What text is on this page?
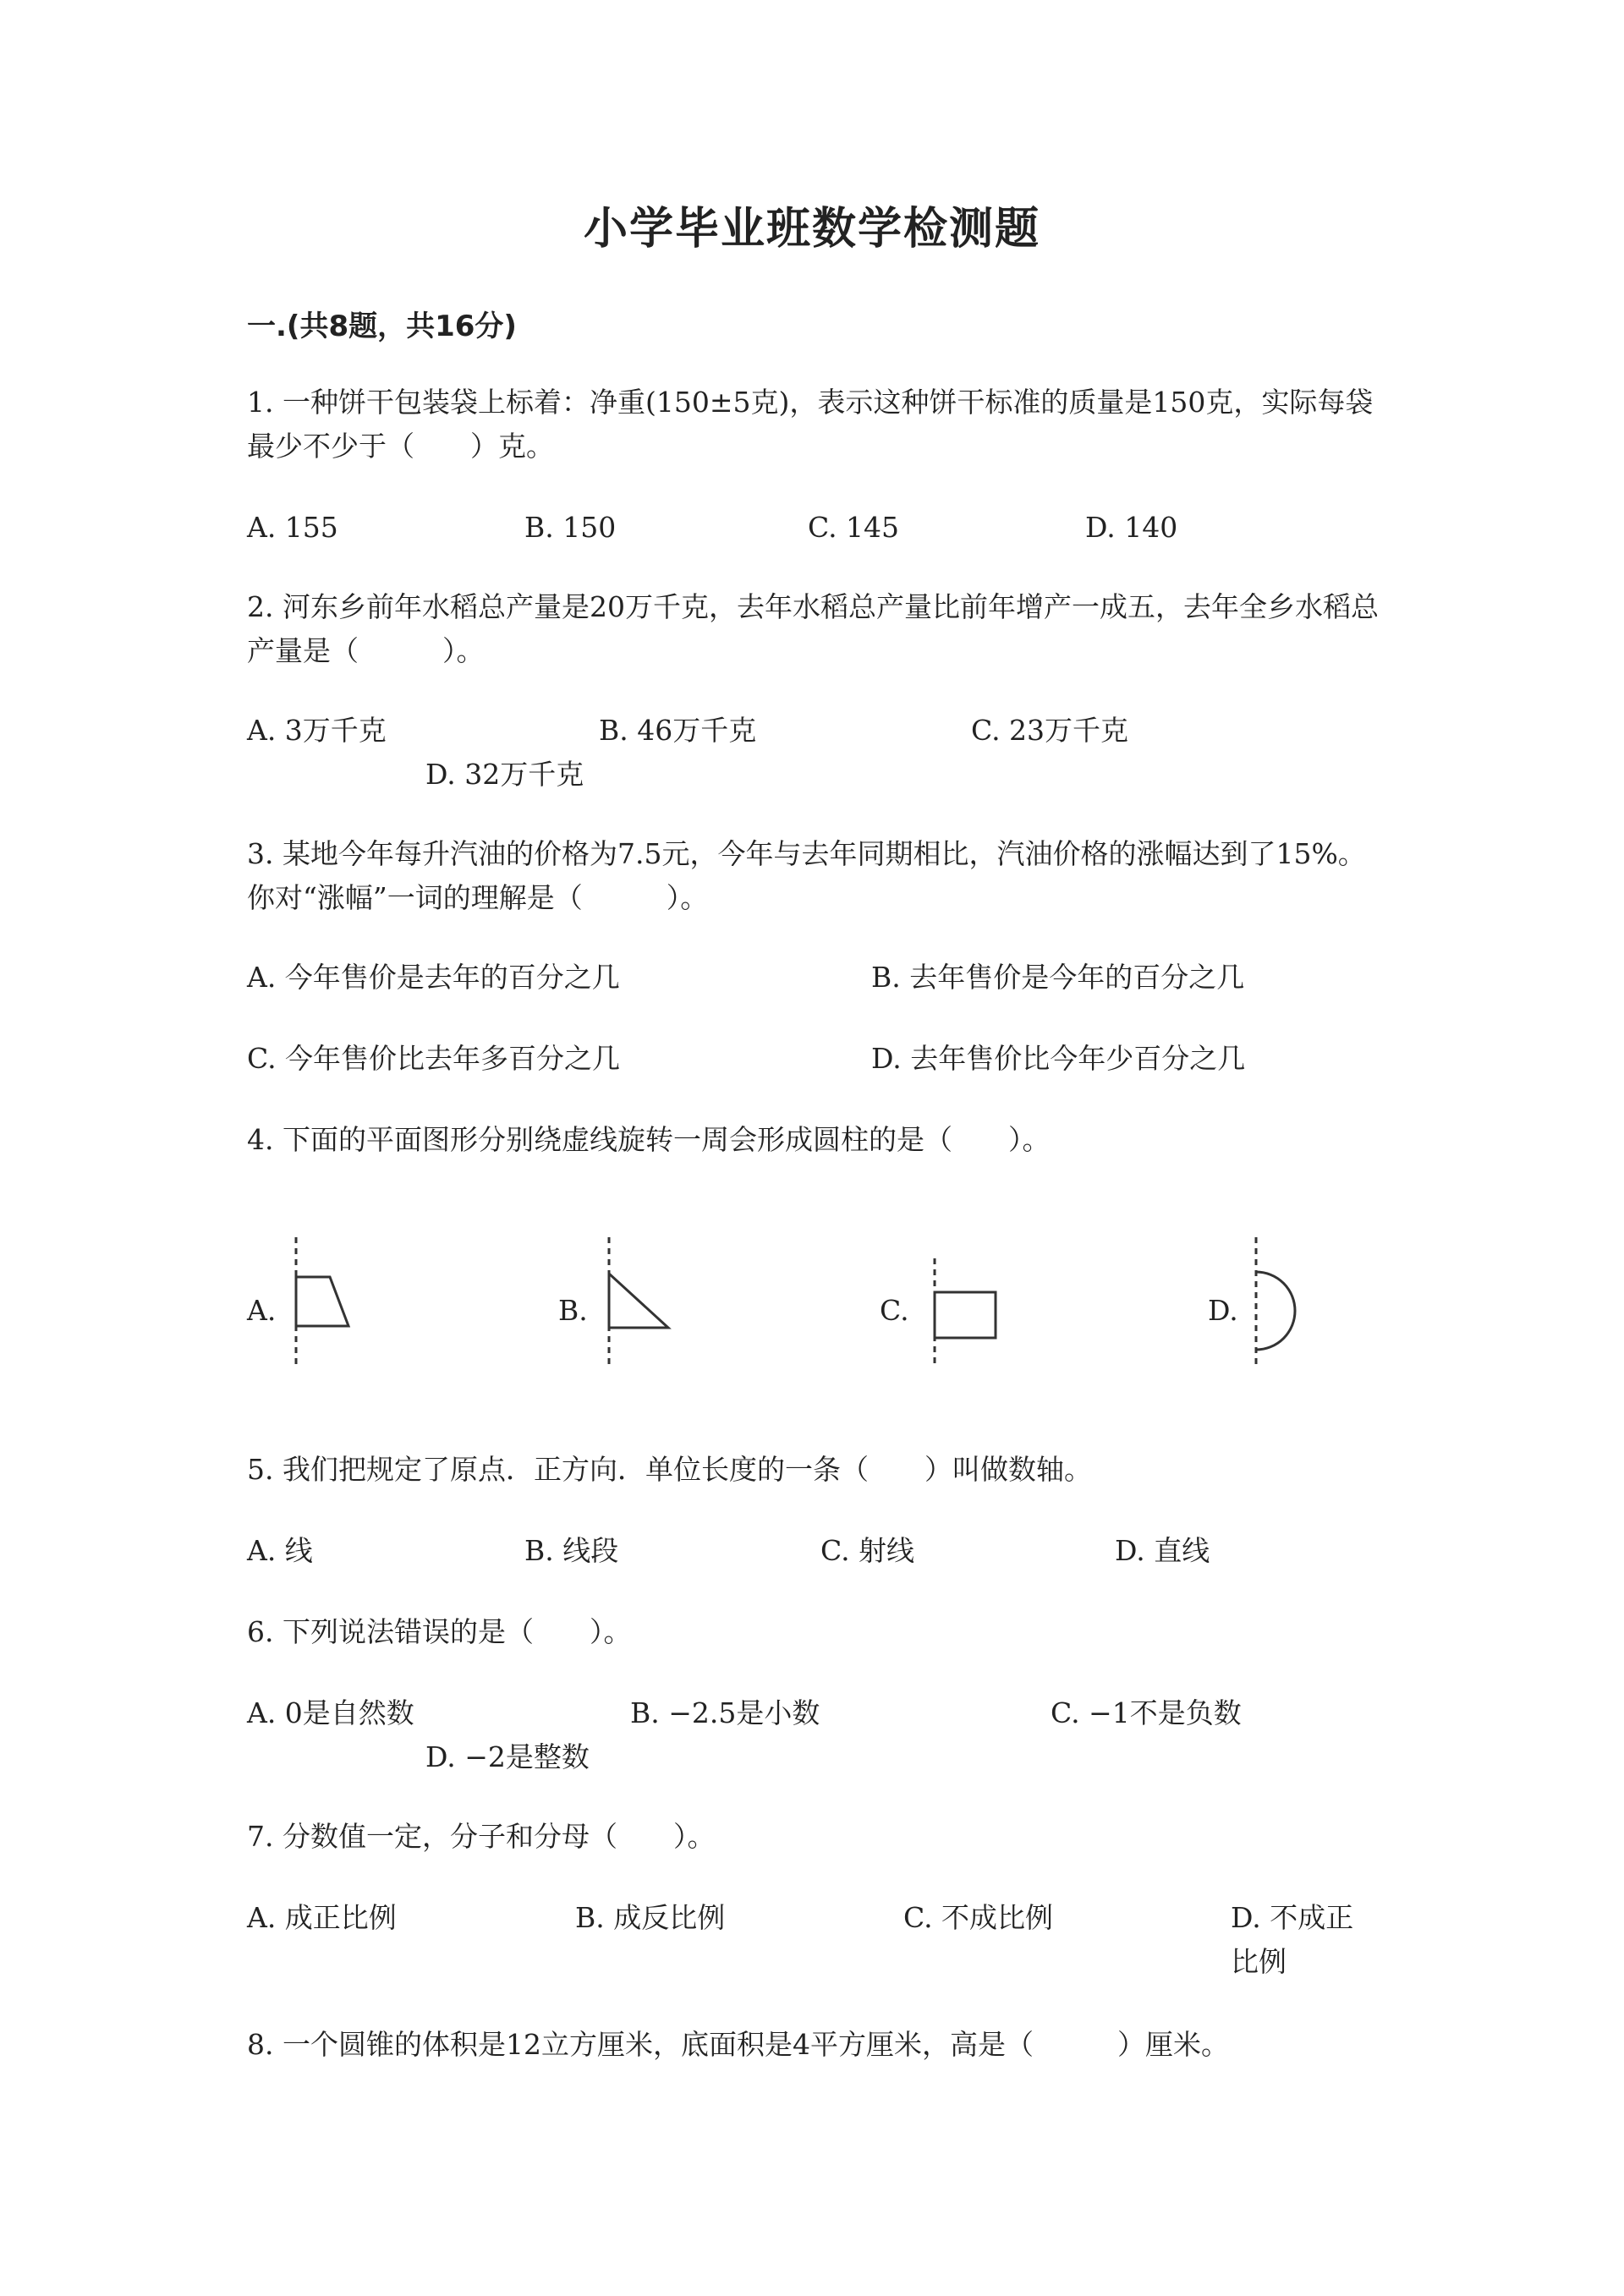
小学毕业班数学检测题
一.(共8题，共16分)
1. 一种饼干包装袋上标着：净重(150±5克)，表示这种饼干标准的质量是150克，实际每袋最少不少于（　　）克。
A. 155	B. 150	C. 145	D. 140
2. 河东乡前年水稻总产量是20万千克，去年水稻总产量比前年增产一成五，去年全乡水稻总产量是（　　　）。
A. 3万千克	B. 46万千克	C. 23万千克
D. 32万千克
3. 某地今年每升汽油的价格为7.5元，今年与去年同期相比，汽油价格的涨幅达到了15%。你对“涨幅”一词的理解是（　　　）。
A. 今年售价是去年的百分之几	B. 去年售价是今年的百分之几
C. 今年售价比去年多百分之几	D. 去年售价比今年少百分之几
4. 下面的平面图形分别绕虚线旋转一周会形成圆柱的是（　　）。
A.	B.	C.	D.
5. 我们把规定了原点．正方向．单位长度的一条（　　）叫做数轴。
A. 线	B. 线段	C. 射线	D. 直线
6. 下列说法错误的是（　　）。
A. 0是自然数	B. −2.5是小数	C. −1不是负数
D. −2是整数
7. 分数值一定，分子和分母（　　）。
A. 成正比例	B. 成反比例	C. 不成比例	D. 不成正比例
8. 一个圆锥的体积是12立方厘米，底面积是4平方厘米，高是（　　　）厘米。
